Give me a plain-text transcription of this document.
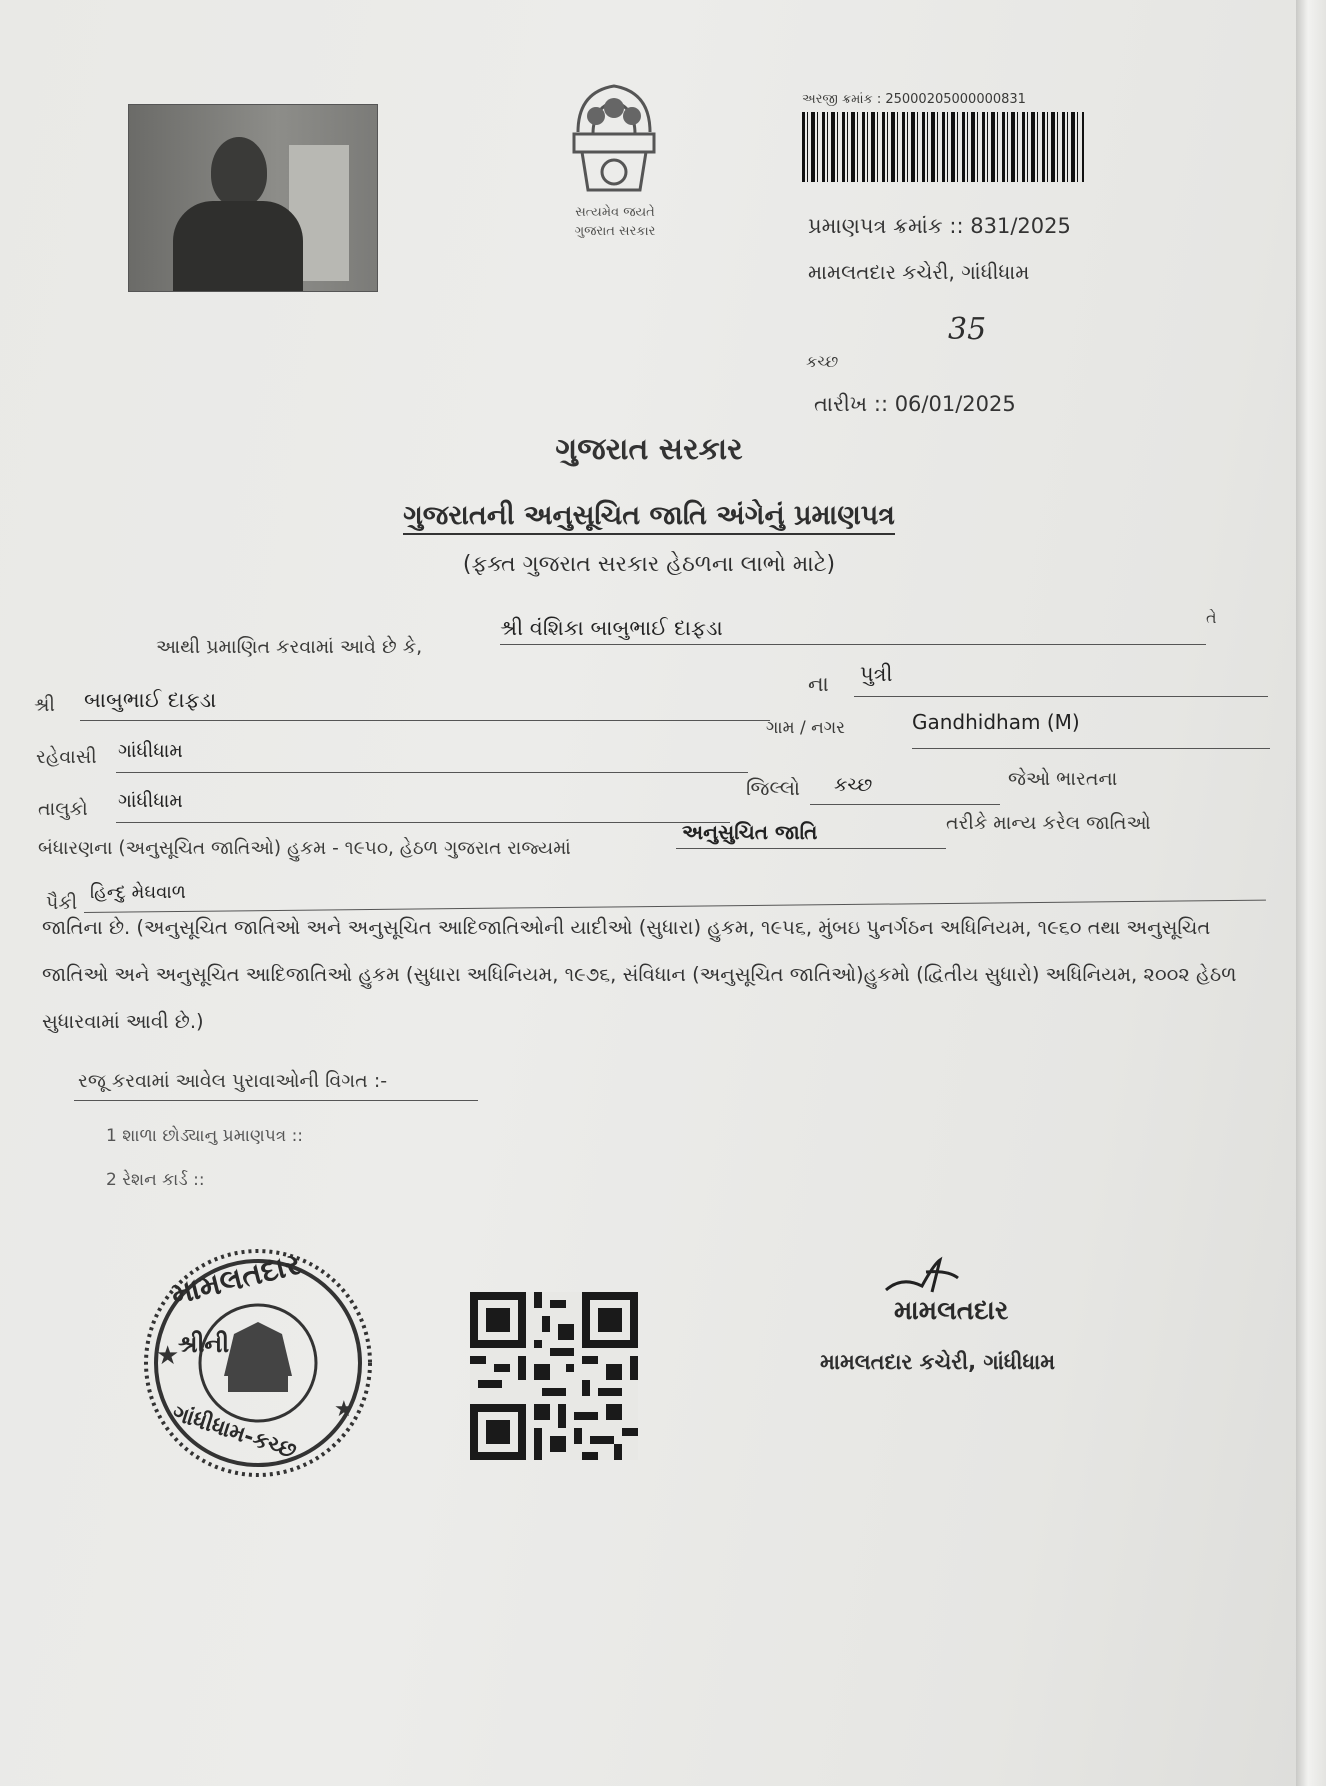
સત્યમેવ જયતે
ગુજરાત સરકાર
અરજી ક્રમાંક : 25000205000000831
પ્રમાણપત્ર ક્રમાંક :: 831/2025
મામલતદાર કચેરી, ગાંધીધામ
35
કચ્છ
તારીખ :: 06/01/2025
ગુજરાત સરકાર
ગુજરાતની અનુસૂચિત જાતિ અંગેનું પ્રમાણપત્ર
(ફક્ત ગુજરાત સરકાર હેઠળના લાભો માટે)
આથી પ્રમાણિત કરવામાં આવે છે કે,
શ્રી વંશિકા બાબુભાઈ દાફડા	તે
શ્રી બાબુભાઈ દાફડા
ના પુત્રી
ગામ / નગર	Gandhidham (M)
રહેવાસી ગાંધીધામ
તાલુકો ગાંધીધામ
જિલ્લો કચ્છ	જેઓ ભારતના
બંધારણના (અનુસૂચિત જાતિઓ) હુકમ - ૧૯૫૦, હેઠળ ગુજરાત રાજ્યમાં
અનુસુચિત જાતિ	તરીકે માન્ય કરેલ જાતિઓ
પૈકી હિન્દુ મેઘવાળ
જાતિના છે. (અનુસૂચિત જાતિઓ અને અનુસૂચિત આદિજાતિઓની યાદીઓ (સુધારા) હુકમ, ૧૯૫૬, મુંબઇ પુનર્ગઠન અધિનિયમ, ૧૯૬૦ તથા અનુસૂચિત જાતિઓ અને અનુસૂચિત આદિજાતિઓ હુકમ (સુધારા અધિનિયમ, ૧૯૭૬, સંવિધાન (અનુસૂચિત જાતિઓ)હુકમો (દ્વિતીય સુધારો) અધિનિયમ, ૨૦૦૨ હેઠળ સુધારવામાં આવી છે.)
રજૂ કરવામાં આવેલ પુરાવાઓની વિગત :-
1 શાળા છોડ્યાનુ પ્રમાણપત્ર ::
2 રેશન કાર્ડ ::
★
★
મામલતદાર
શ્રીની
ગાંધીધામ-કચ્છ
મામલતદાર
મામલતદાર કચેરી, ગાંધીધામ
